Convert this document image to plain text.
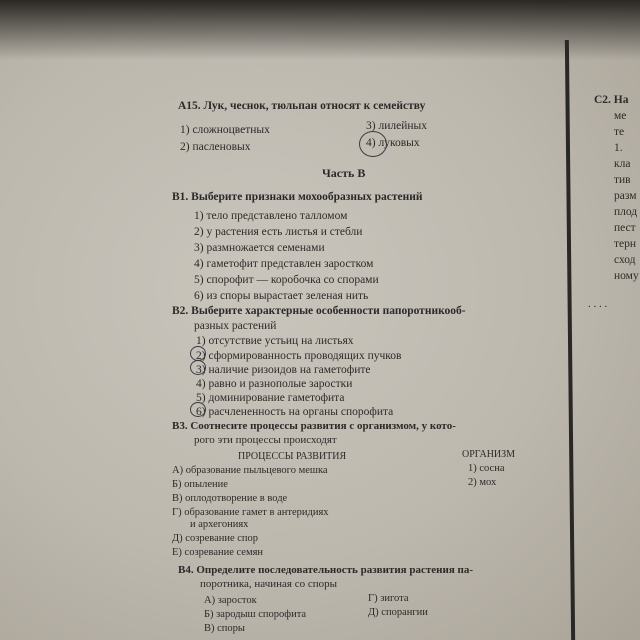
А15. Лук, чеснок, тюльпан относят к семейству
1) сложноцветных	3) лилейных
2) пасленовых	4) луковых
Часть В
В1. Выберите признаки мохообразных растений
1) тело представлено талломом
2) у растения есть листья и стебли
3) размножается семенами
4) гаметофит представлен заростком
5) спорофит — коробочка со спорами
6) из споры вырастает зеленая нить
В2. Выберите характерные особенности папоротникооб-
разных растений
1) отсутствие устьиц на листьях
2) сформированность проводящих пучков
3) наличие ризоидов на гаметофите
4) равно и разнополые заростки
5) доминирование гаметофита
6) расчлененность на органы спорофита
В3. Соотнесите процессы развития с организмом, у кото-
рого эти процессы происходят
ПРОЦЕССЫ РАЗВИТИЯ	ОРГАНИЗМ
А) образование пыльцевого мешка
Б) опыление
В) оплодотворение в воде
Г) образование гамет в антеридиях
и архегониях
Д) созревание спор
Е) созревание семян
1) сосна
2) мох
В4. Определите последовательность развития растения па-
поротника, начиная со споры
А) заросток	Г) зигота
Б) зародыш спорофита	Д) спорангии
В) споры
С2. На
ме
те
1.
кла
тив
разм
плод
пест
терн
сход
ному
. . . .
